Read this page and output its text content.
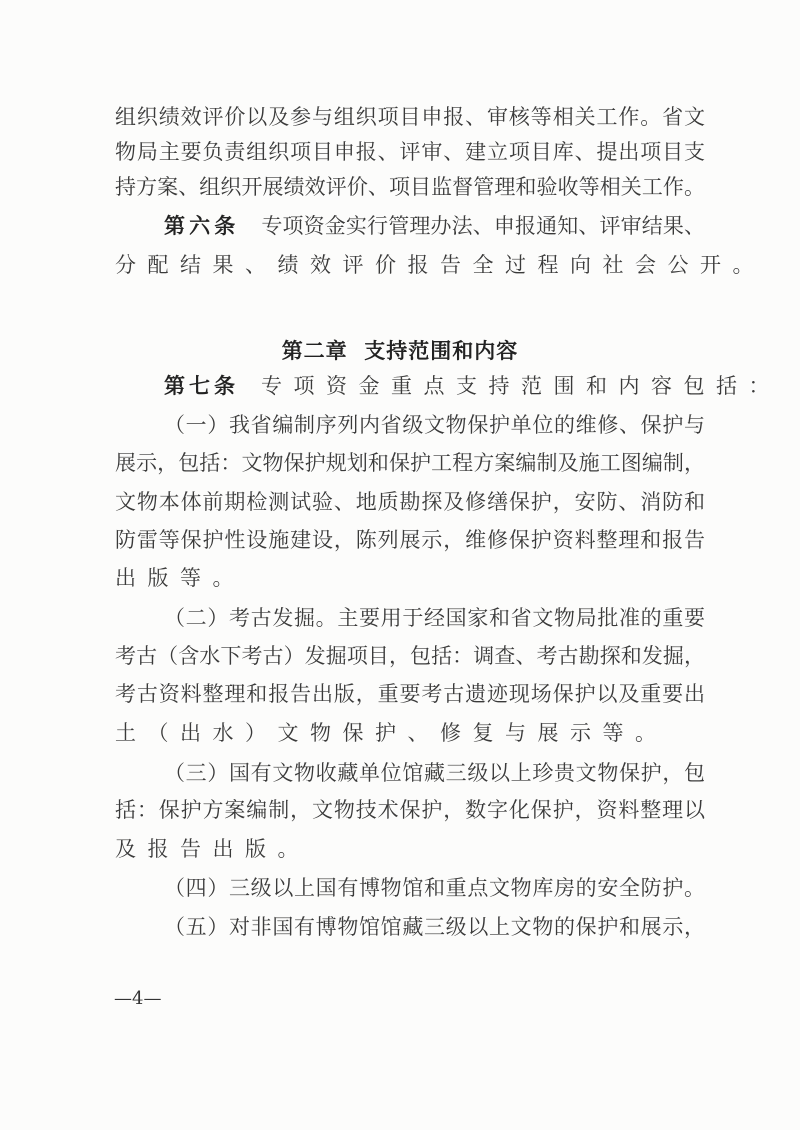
组织绩效评价以及参与组织项目申报、审核等相关工作。省文
物局主要负责组织项目申报、评审、建立项目库、提出项目支
持方案、组织开展绩效评价、项目监督管理和验收等相关工作。
第六条 专项资金实行管理办法、申报通知、评审结果、
分配结果、绩效评价报告全过程向社会公开。
第二章  支持范围和内容
第七条 专项资金重点支持范围和内容包括：
（一）我省编制序列内省级文物保护单位的维修、保护与
展示，包括：文物保护规划和保护工程方案编制及施工图编制，
文物本体前期检测试验、地质勘探及修缮保护，安防、消防和
防雷等保护性设施建设，陈列展示，维修保护资料整理和报告
出版等。
（二）考古发掘。主要用于经国家和省文物局批准的重要
考古（含水下考古）发掘项目，包括：调查、考古勘探和发掘，
考古资料整理和报告出版，重要考古遗迹现场保护以及重要出
土（出水）文物保护、修复与展示等。
（三）国有文物收藏单位馆藏三级以上珍贵文物保护，包
括：保护方案编制，文物技术保护，数字化保护，资料整理以
及报告出版。
（四）三级以上国有博物馆和重点文物库房的安全防护。
（五）对非国有博物馆馆藏三级以上文物的保护和展示，
—4—
